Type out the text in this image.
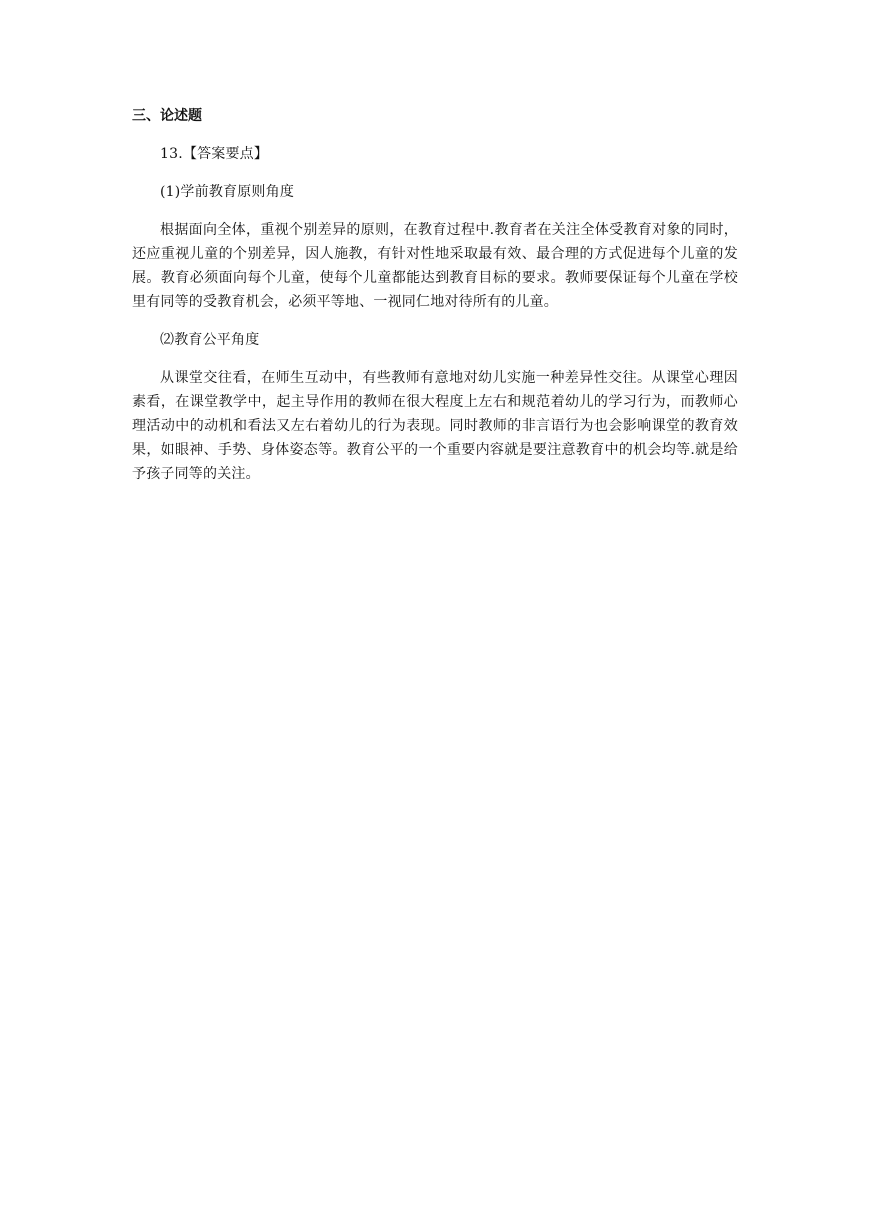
三、论述题

13.【答案要点】

(1)学前教育原则角度

根据面向全体，重视个别差异的原则，在教育过程中.教育者在关注全体受教育对象的同时，还应重视儿童的个别差异，因人施教，有针对性地采取最有效、最合理的方式促进每个儿童的发展。教育必须面向每个儿童，使每个儿童都能达到教育目标的要求。教师要保证每个儿童在学校里有同等的受教育机会，必须平等地、一视同仁地对待所有的儿童。

⑵教育公平角度

从课堂交往看，在师生互动中，有些教师有意地对幼儿实施一种差异性交往。从课堂心理因素看，在课堂教学中，起主导作用的教师在很大程度上左右和规范着幼儿的学习行为，而教师心理活动中的动机和看法又左右着幼儿的行为表现。同时教师的非言语行为也会影响课堂的教育效果，如眼神、手势、身体姿态等。教育公平的一个重要内容就是要注意教育中的机会均等.就是给予孩子同等的关注。
